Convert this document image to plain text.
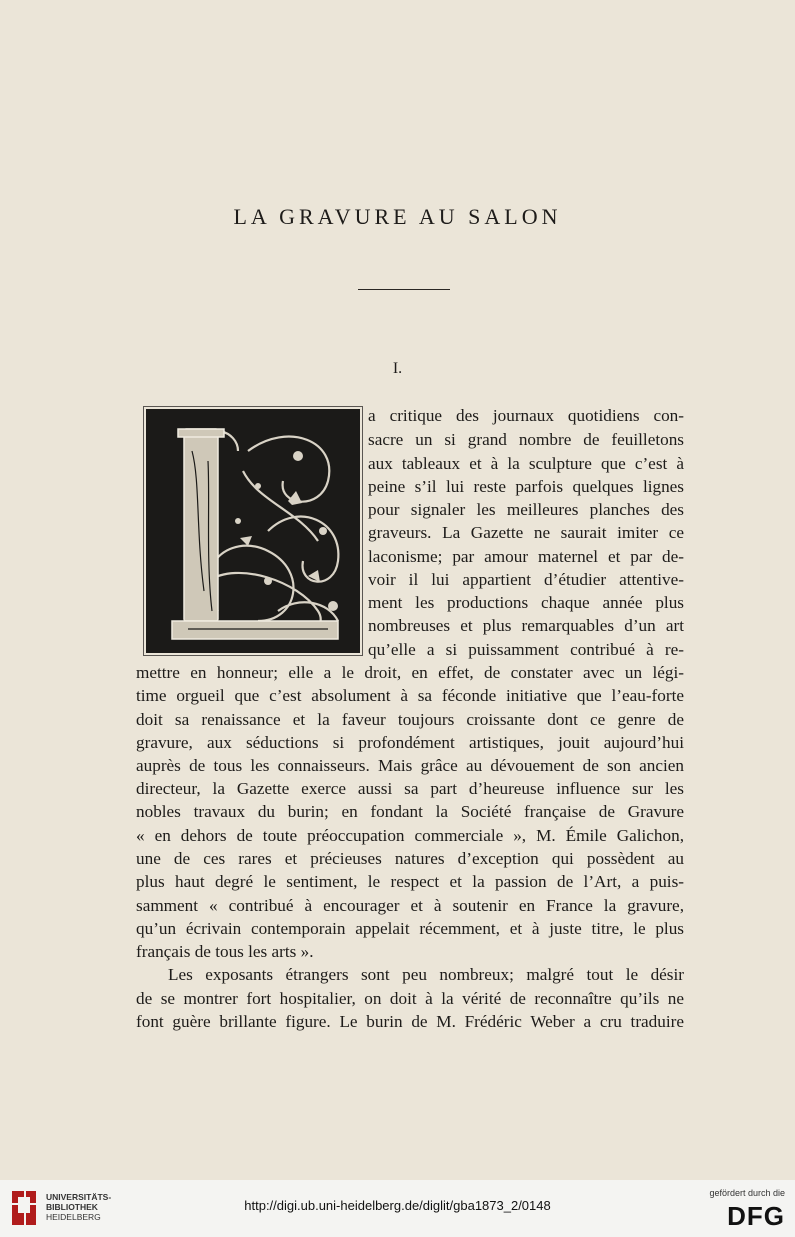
LA GRAVURE AU SALON
I.
a critique des journaux quotidiens con-
sacre un si grand nombre de feuilletons
aux tableaux et à la sculpture que c’est à
peine s’il lui reste parfois quelques lignes
pour signaler les meilleures planches des
graveurs. La Gazette ne saurait imiter ce
laconisme; par amour maternel et par de-
voir il lui appartient d’étudier attentive-
ment les productions chaque année plus
nombreuses et plus remarquables d’un art
qu’elle a si puissamment contribué à re-
mettre en honneur; elle a le droit, en effet, de constater avec un légi-
time orgueil que c’est absolument à sa féconde initiative que l’eau-forte
doit sa renaissance et la faveur toujours croissante dont ce genre de
gravure, aux séductions si profondément artistiques, jouit aujourd’hui
auprès de tous les connaisseurs. Mais grâce au dévouement de son ancien
directeur, la Gazette exerce aussi sa part d’heureuse influence sur les
nobles travaux du burin; en fondant la Société française de Gravure
« en dehors de toute préoccupation commerciale », M. Émile Galichon,
une de ces rares et précieuses natures d’exception qui possèdent au
plus haut degré le sentiment, le respect et la passion de l’Art, a puis-
samment « contribué à encourager et à soutenir en France la gravure,
qu’un écrivain contemporain appelait récemment, et à juste titre, le plus
français de tous les arts ».
Les exposants étrangers sont peu nombreux; malgré tout le désir
de se montrer fort hospitalier, on doit à la vérité de reconnaître qu’ils ne
font guère brillante figure. Le burin de M. Frédéric Weber a cru traduire
UNIVERSITÄTS-
BIBLIOTHEK
HEIDELBERG
http://digi.ub.uni-heidelberg.de/diglit/gba1873_2/0148
gefördert durch die
DFG
